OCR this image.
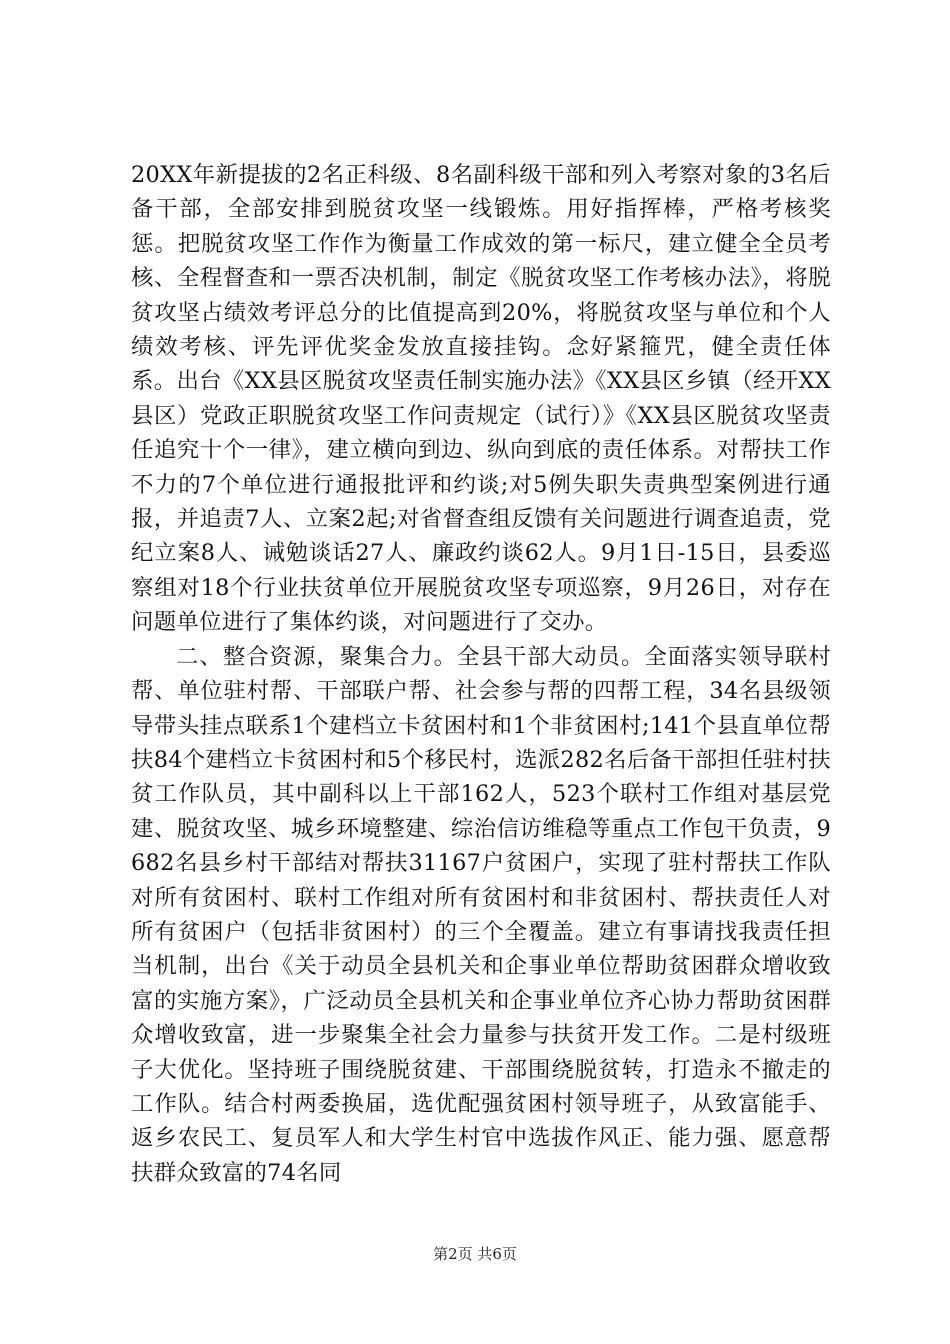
20XX年新提拔的2名正科级、8名副科级干部和列入考察对象的3名后备干部，全部安排到脱贫攻坚一线锻炼。用好指挥棒，严格考核奖惩。把脱贫攻坚工作作为衡量工作成效的第一标尺，建立健全全员考核、全程督查和一票否决机制，制定《脱贫攻坚工作考核办法》，将脱贫攻坚占绩效考评总分的比值提高到20%，将脱贫攻坚与单位和个人绩效考核、评先评优奖金发放直接挂钩。念好紧箍咒，健全责任体系。出台《XX县区脱贫攻坚责任制实施办法》《XX县区乡镇（经开XX县区）党政正职脱贫攻坚工作问责规定（试行）》《XX县区脱贫攻坚责任追究十个一律》，建立横向到边、纵向到底的责任体系。对帮扶工作不力的7个单位进行通报批评和约谈;对5例失职失责典型案例进行通报，并追责7人、立案2起;对省督查组反馈有关问题进行调查追责，党纪立案8人、诫勉谈话27人、廉政约谈62人。9月1日-15日，县委巡察组对18个行业扶贫单位开展脱贫攻坚专项巡察，9月26日，对存在问题单位进行了集体约谈，对问题进行了交办。

二、整合资源，聚集合力。全县干部大动员。全面落实领导联村帮、单位驻村帮、干部联户帮、社会参与帮的四帮工程，34名县级领导带头挂点联系1个建档立卡贫困村和1个非贫困村;141个县直单位帮扶84个建档立卡贫困村和5个移民村，选派282名后备干部担任驻村扶贫工作队员，其中副科以上干部162人，523个联村工作组对基层党建、脱贫攻坚、城乡环境整建、综治信访维稳等重点工作包干负责，9682名县乡村干部结对帮扶31167户贫困户，实现了驻村帮扶工作队对所有贫困村、联村工作组对所有贫困村和非贫困村、帮扶责任人对所有贫困户（包括非贫困村）的三个全覆盖。建立有事请找我责任担当机制，出台《关于动员全县机关和企事业单位帮助贫困群众增收致富的实施方案》，广泛动员全县机关和企事业单位齐心协力帮助贫困群众增收致富，进一步聚集全社会力量参与扶贫开发工作。二是村级班子大优化。坚持班子围绕脱贫建、干部围绕脱贫转，打造永不撤走的工作队。结合村两委换届，选优配强贫困村领导班子，从致富能手、返乡农民工、复员军人和大学生村官中选拔作风正、能力强、愿意帮扶群众致富的74名同

第2页 共6页
